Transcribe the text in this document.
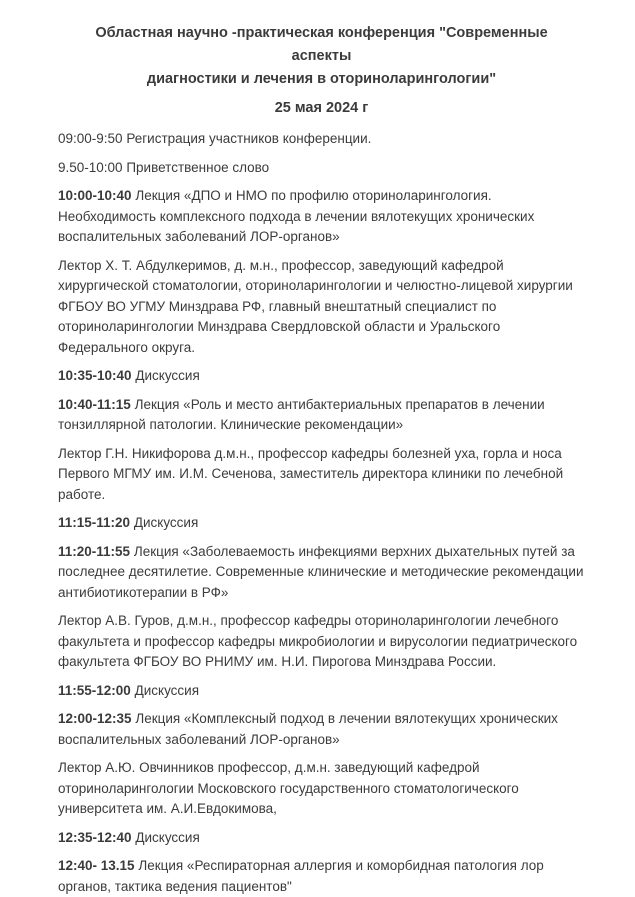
Областная научно -практическая конференция "Современные аспекты
диагностики и лечения в оториноларингологии"

25 мая 2024 г

09:00-9:50 Регистрация участников конференции.

9.50-10:00 Приветственное слово

10:00-10:40 Лекция «ДПО и НМО по профилю оториноларингология. Необходимость комплексного подхода в лечении вялотекущих хронических воспалительных заболеваний ЛОР-органов»

Лектор Х. Т. Абдулкеримов, д. м.н., профессор, заведующий кафедрой хирургической стоматологии, оториноларингологии и челюстно-лицевой хирургии ФГБОУ ВО УГМУ Минздрава РФ, главный внештатный специалист по оториноларингологии Минздрава Свердловской области и Уральского Федерального округа.

10:35-10:40 Дискуссия

10:40-11:15 Лекция «Роль и место антибактериальных препаратов в лечении тонзиллярной патологии. Клинические рекомендации»

Лектор Г.Н. Никифорова д.м.н., профессор кафедры болезней уха, горла и носа Первого МГМУ им. И.М. Сеченова, заместитель директора клиники по лечебной работе.

11:15-11:20 Дискуссия

11:20-11:55 Лекция «Заболеваемость инфекциями верхних дыхательных путей за последнее десятилетие. Современные клинические и методические рекомендации антибиотикотерапии в РФ»

Лектор А.В. Гуров, д.м.н., профессор кафедры оториноларингологии лечебного факультета и профессор кафедры микробиологии и вирусологии педиатрического факультета ФГБОУ ВО РНИМУ им. Н.И. Пирогова Минздрава России.

11:55-12:00 Дискуссия

12:00-12:35 Лекция «Комплексный подход в лечении вялотекущих хронических воспалительных заболеваний ЛОР-органов»

Лектор А.Ю. Овчинников профессор, д.м.н. заведующий кафедрой оториноларингологии Московского государственного стоматологического университета им. А.И.Евдокимова,

12:35-12:40 Дискуссия

12:40- 13.15 Лекция «Респираторная аллергия и коморбидная патология лор органов, тактика ведения пациентов"
